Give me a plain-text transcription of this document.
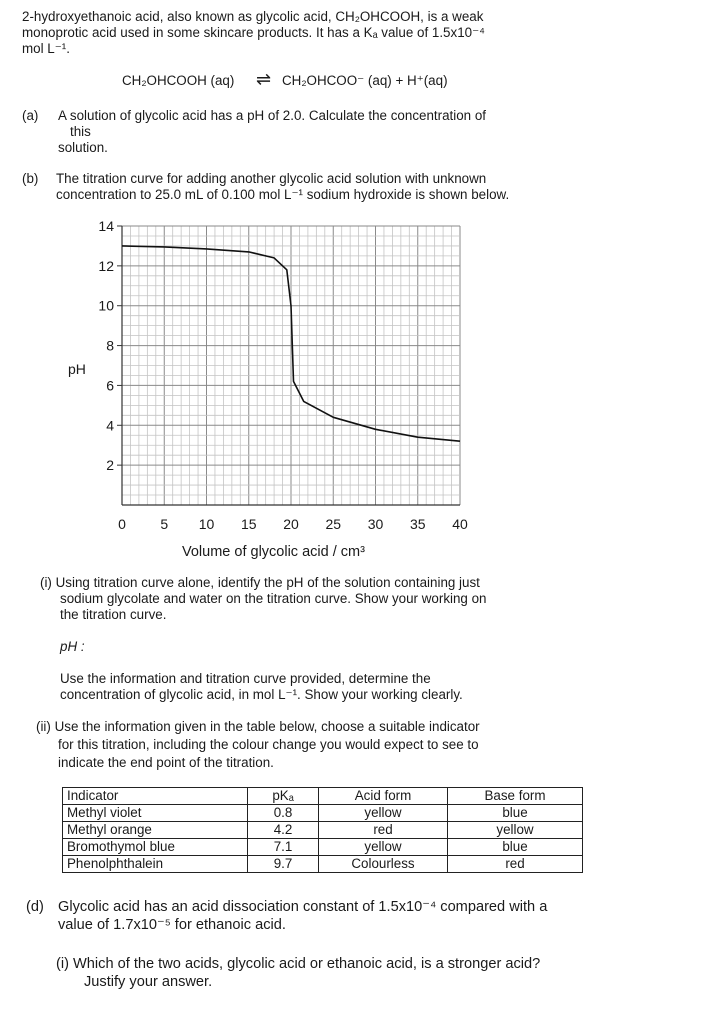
2-hydroxyethanoic acid, also known as glycolic acid, CH₂OHCOOH, is a weak
monoprotic acid used in some skincare products. It has a Kₐ value of 1.5x10⁻⁴
mol L⁻¹.
CH₂OHCOOH (aq) ⇌ CH₂OHCOO⁻ (aq) + H⁺(aq)
(a) A solution of glycolic acid has a pH of 2.0. Calculate the concentration of
this
solution.
(b) The titration curve for adding another glycolic acid solution with unknown
concentration to 25.0 mL of 0.100 mol L⁻¹ sodium hydroxide is shown below.
2
4
6
8
10
12
14
0 5 10 15 20 25 30 35 40
pH
Volume of glycolic acid / cm³
(i) Using titration curve alone, identify the pH of the solution containing just
sodium glycolate and water on the titration curve. Show your working on
the titration curve.
pH :
Use the information and titration curve provided, determine the
concentration of glycolic acid, in mol L⁻¹. Show your working clearly.
(ii) Use the information given in the table below, choose a suitable indicator
for this titration, including the colour change you would expect to see to
indicate the end point of the titration.
Indicator	pKₐ	Acid form	Base form
Methyl violet	0.8	yellow	blue
Methyl orange	4.2	red	yellow
Bromothymol blue	7.1	yellow	blue
Phenolphthalein	9.7	Colourless	red
(d) Glycolic acid has an acid dissociation constant of 1.5x10⁻⁴ compared with a
value of 1.7x10⁻⁵ for ethanoic acid.
(i) Which of the two acids, glycolic acid or ethanoic acid, is a stronger acid?
Justify your answer.
